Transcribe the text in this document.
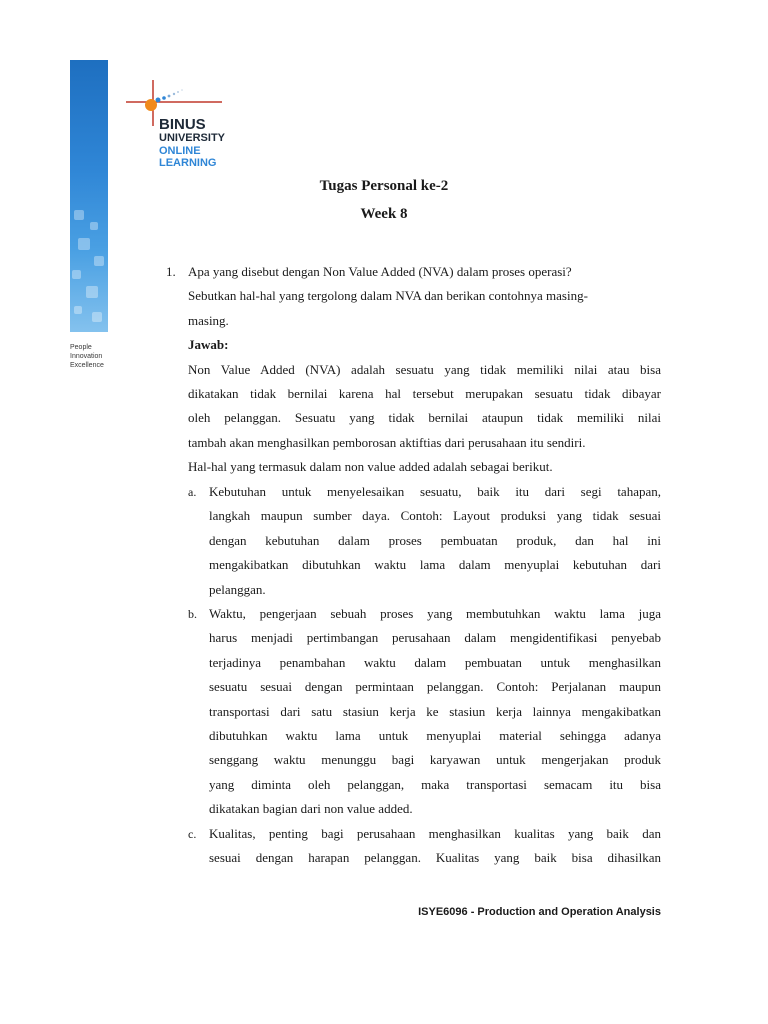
People
Innovation
Excellence
BINUS
UNIVERSITY
ONLINE
LEARNING
Tugas Personal ke-2
Week 8
1. Apa yang disebut dengan Non Value Added (NVA) dalam proses operasi?
Sebutkan hal-hal yang tergolong dalam NVA dan berikan contohnya masing-
masing.
Jawab:
Non Value Added (NVA) adalah sesuatu yang tidak memiliki nilai atau bisa
dikatakan tidak bernilai karena hal tersebut merupakan sesuatu tidak dibayar
oleh pelanggan. Sesuatu yang tidak bernilai ataupun tidak memiliki nilai
tambah akan menghasilkan pemborosan aktiftias dari perusahaan itu sendiri.
Hal-hal yang termasuk dalam non value added adalah sebagai berikut.
a. Kebutuhan untuk menyelesaikan sesuatu, baik itu dari segi tahapan,
langkah maupun sumber daya. Contoh: Layout produksi yang tidak sesuai
dengan kebutuhan dalam proses pembuatan produk, dan hal ini
mengakibatkan dibutuhkan waktu lama dalam menyuplai kebutuhan dari
pelanggan.
b. Waktu, pengerjaan sebuah proses yang membutuhkan waktu lama juga
harus menjadi pertimbangan perusahaan dalam mengidentifikasi penyebab
terjadinya penambahan waktu dalam pembuatan untuk menghasilkan
sesuatu sesuai dengan permintaan pelanggan. Contoh: Perjalanan maupun
transportasi dari satu stasiun kerja ke stasiun kerja lainnya mengakibatkan
dibutuhkan waktu lama untuk menyuplai material sehingga adanya
senggang waktu menunggu bagi karyawan untuk mengerjakan produk
yang diminta oleh pelanggan, maka transportasi semacam itu bisa
dikatakan bagian dari non value added.
c. Kualitas, penting bagi perusahaan menghasilkan kualitas yang baik dan
sesuai dengan harapan pelanggan. Kualitas yang baik bisa dihasilkan
ISYE6096 - Production and Operation Analysis
